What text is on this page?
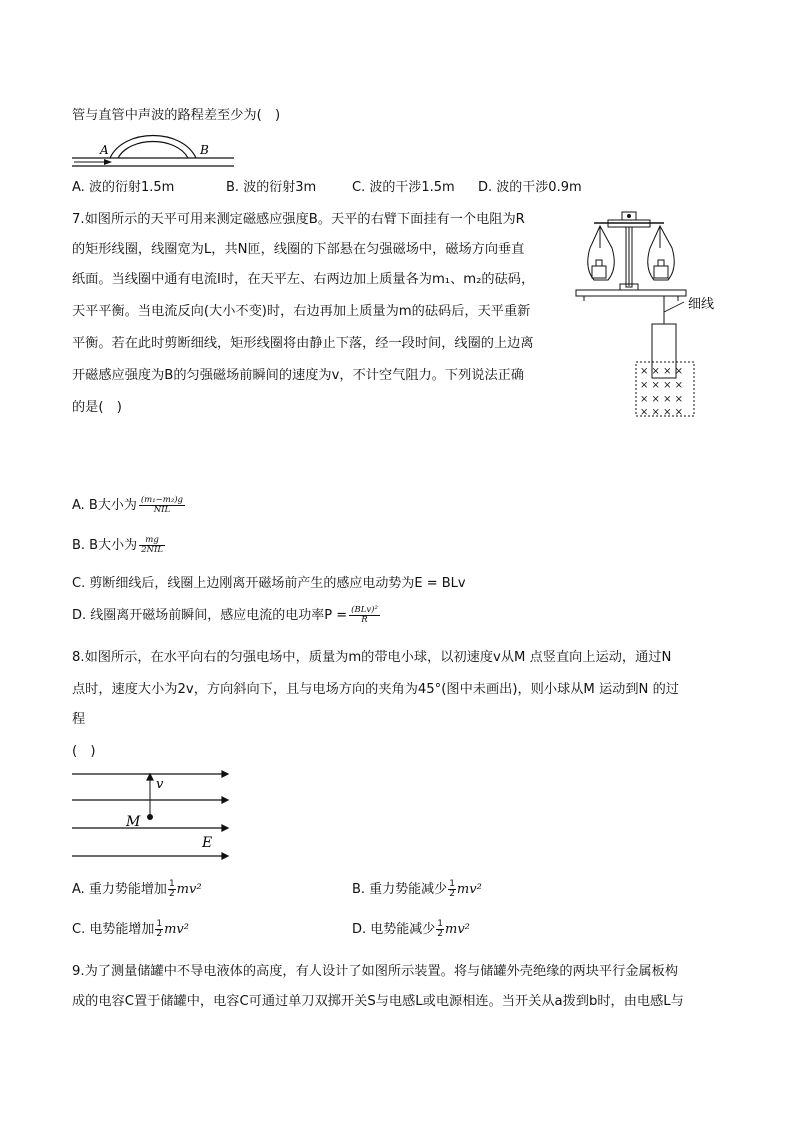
管与直管中声波的路程差至少为(　)
A	B
A. 波的衍射1.5m	B. 波的衍射3m	C. 波的干涉1.5m D. 波的干涉0.9m
7.如图所示的天平可用来测定磁感应强度B。天平的右臂下面挂有一个电阻为R
的矩形线圈，线圈宽为L，共N匝，线圈的下部悬在匀强磁场中，磁场方向垂直
纸面。当线圈中通有电流I时，在天平左、右两边加上质量各为m₁、m₂的砝码，
天平平衡。当电流反向(大小不变)时，右边再加上质量为m的砝码后，天平重新
平衡。若在此时剪断细线，矩形线圈将由静止下落，经一段时间，线圈的上边离
开磁感应强度为B的匀强磁场前瞬间的速度为v，不计空气阻力。下列说法正确
的是(　)
细线
× × × ×
× × × ×
× × × ×
× × × ×
A. B大小为 $\frac{\text{(m₁−m₂)g}}{\text{NIL}}$
B. B大小为 $\frac{mg}{\text{2NIL}}$
C. 剪断细线后，线圈上边刚离开磁场前产生的感应电动势为E = BLv
D. 线圈离开磁场前瞬间，感应电流的电功率$P = \frac{\text{(BLv)²}}{R}$
8.如图所示，在水平向右的匀强电场中，质量为m的带电小球，以初速度v从M 点竖直向上运动，通过N
点时，速度大小为2v，方向斜向下，且与电场方向的夹角为45°(图中未画出)，则小球从M 运动到N 的过
程
(　)
v
M
E
A. 重力势能增加 $\frac{1}{2} mv^2$	B. 重力势能减少 $\frac{1}{2} mv^2$
C. 电势能增加 $\frac{1}{2} mv^2$	D. 电势能减少 $\frac{1}{2} mv^2$
9.为了测量储罐中不导电液体的高度，有人设计了如图所示装置。将与储罐外壳绝缘的两块平行金属板构
成的电容C置于储罐中，电容C可通过单刀双掷开关S与电感L或电源相连。当开关从a拨到b时，由电感L与
